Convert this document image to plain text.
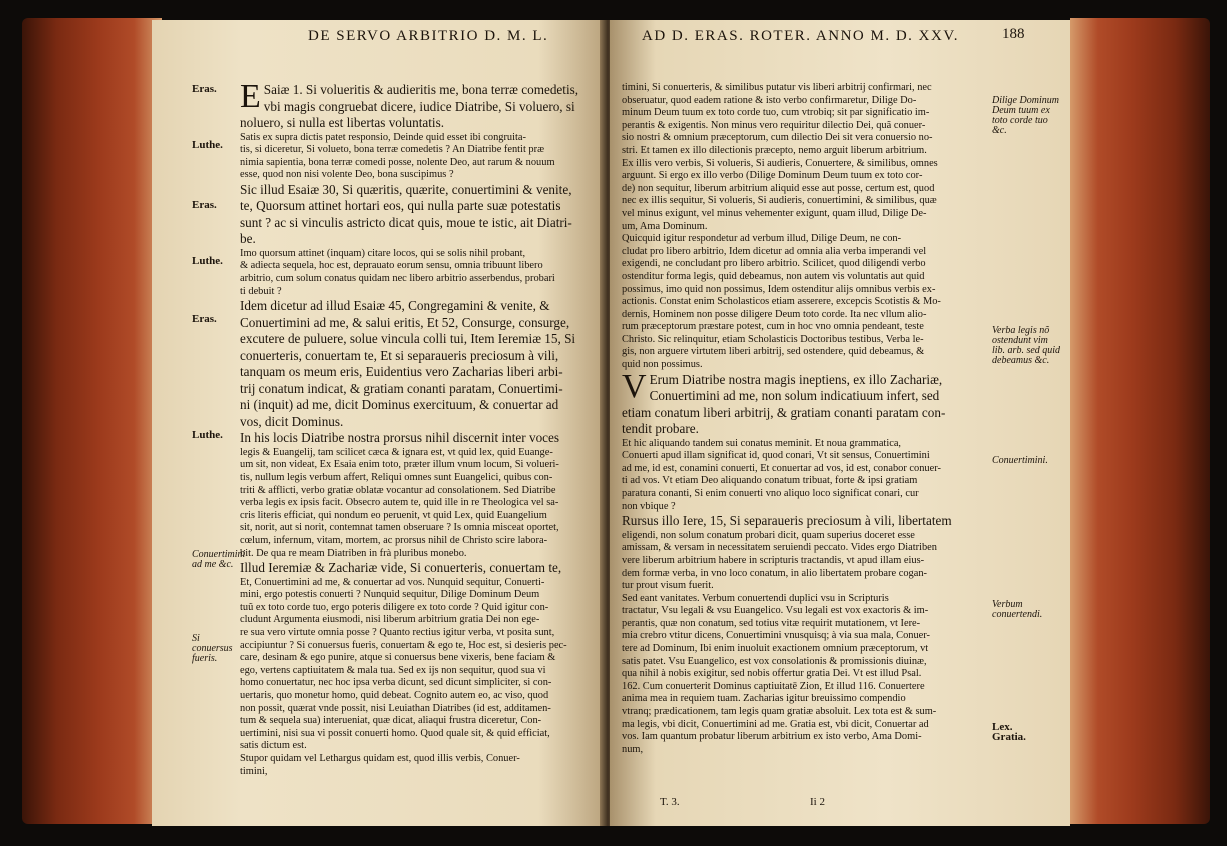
DE SERVO ARBITRIO D. M. L.
Eras.
Luthe.
Eras.
Luthe.
Eras.
Luthe.
Conuertimini ad me &c.
Si conuersus fueris.
E Saiæ 1. Si volueritis & audieritis me, bona terræ comedetis,
vbi magis congruebat dicere, iudice Diatribe, Si voluero, si
noluero, si nulla est libertas voluntatis.
Satis ex supra dictis patet responsio, Deinde quid esset ibi congruita-
tis, si diceretur, Si volueto, bona terræ comedetis ? An Diatribe fentit præ
nimia sapientia, bona terræ comedi posse, nolente Deo, aut rarum & nouum
esse, quod non nisi volente Deo, bona suscipimus ?
Sic illud Esaiæ 30, Si quæritis, quærite, conuertimini & venite,
te, Quorsum attinet hortari eos, qui nulla parte suæ potestatis
sunt ? ac si vinculis astricto dicat quis, moue te istic, ait Diatri-
be.
Imo quorsum attinet (inquam) citare locos, qui se solis nihil probant,
& adiecta sequela, hoc est, deprauato eorum sensu, omnia tribuunt libero
arbitrio, cum solum conatus quidam nec libero arbitrio asserbendus, probari
ti debuit ?
Idem dicetur ad illud Esaiæ 45, Congregamini & venite, &
Conuertimini ad me, & salui eritis, Et 52, Consurge, consurge,
excutere de puluere, solue vincula colli tui, Item Ieremiæ 15, Si
conuerteris, conuertam te, Et si separaueris preciosum à vili,
tanquam os meum eris, Euidentius vero Zacharias liberi arbi-
trij conatum indicat, & gratiam conanti paratam, Conuertimi-
ni (inquit) ad me, dicit Dominus exercituum, & conuertar ad
vos, dicit Dominus.
In his locis Diatribe nostra prorsus nihil discernit inter voces
legis & Euangelij, tam scilicet cæca & ignara est, vt quid lex, quid Euange-
um sit, non videat, Ex Esaia enim toto, præter illum vnum locum, Si volueri-
tis, nullum legis verbum affert, Reliqui omnes sunt Euangelici, quibus con-
triti & afflicti, verbo gratiæ oblatæ vocantur ad consolationem. Sed Diatribe
verba legis ex ipsis facit. Obsecro autem te, quid ille in re Theologica vel sa-
cris literis efficiat, qui nondum eo peruenit, vt quid Lex, quid Euangelium
sit, norit, aut si norit, contemnat tamen obseruare ? Is omnia misceat oportet,
cœlum, infernum, vitam, mortem, ac prorsus nihil de Christo scire labora-
bit. De qua re meam Diatriben in frà pluribus monebo.
Illud Ieremiæ & Zachariæ vide, Si conuerteris, conuertam te,
Et, Conuertimini ad me, & conuertar ad vos. Nunquid sequitur, Conuerti-
mini, ergo potestis conuerti ? Nunquid sequitur, Dilige Dominum Deum
tuũ ex toto corde tuo, ergo poteris diligere ex toto corde ? Quid igitur con-
cludunt Argumenta eiusmodi, nisi liberum arbitrium gratia Dei non ege-
re sua vero virtute omnia posse ? Quanto rectius igitur verba, vt posita sunt,
accipiuntur ? Si conuersus fueris, conuertam & ego te, Hoc est, si desieris pec-
care, desinam & ego punire, atque si conuersus bene vixeris, bene faciam &
ego, vertens captiuitatem & mala tua. Sed ex ijs non sequitur, quod sua vi
homo conuertatur, nec hoc ipsa verba dicunt, sed dicunt simpliciter, si con-
uertaris, quo monetur homo, quid debeat. Cognito autem eo, ac viso, quod
non possit, quærat vnde possit, nisi Leuiathan Diatribes (id est, additamen-
tum & sequela sua) interueniat, quæ dicat, aliaqui frustra diceretur, Con-
uertimini, nisi sua vi possit conuerti homo. Quod quale sit, & quid efficiat,
satis dictum est.
Stupor quidam vel Lethargus quidam est, quod illis verbis, Conuer-
timini,
AD D. ERAS. ROTER. ANNO M. D. XXV.	188
timini, Si conuerteris, & similibus putatur vis liberi arbitrij confirmari, nec
obseruatur, quod eadem ratione & isto verbo confirmaretur, Dilige Do-
minum Deum tuum ex toto corde tuo, cum vtrobiq; sit par significatio im-
perantis & exigentis. Non minus vero requiritur dilectio Dei, quã conuer-
sio nostri & omnium præceptorum, cum dilectio Dei sit vera conuersio no-
stri. Et tamen ex illo dilectionis præcepto, nemo arguit liberum arbitrium.
Ex illis vero verbis, Si volueris, Si audieris, Conuertere, & similibus, omnes
arguunt. Si ergo ex illo verbo (Dilige Dominum Deum tuum ex toto cor-
de) non sequitur, liberum arbitrium aliquid esse aut posse, certum est, quod
nec ex illis sequitur, Si volueris, Si audieris, conuertimini, & similibus, quæ
vel minus exigunt, vel minus vehementer exigunt, quam illud, Dilige De-
um, Ama Dominum.
Quicquid igitur respondetur ad verbum illud, Dilige Deum, ne con-
cludat pro libero arbitrio, Idem dicetur ad omnia alia verba imperandi vel
exigendi, ne concludant pro libero arbitrio. Scilicet, quod diligendi verbo
ostenditur forma legis, quid debeamus, non autem vis voluntatis aut quid
possimus, imo quid non possimus, Idem ostenditur alijs omnibus verbis ex-
actionis. Constat enim Scholasticos etiam asserere, excepcis Scotistis & Mo-
dernis, Hominem non posse diligere Deum toto corde. Ita nec vllum alio-
rum præceptorum præstare potest, cum in hoc vno omnia pendeant, teste
Christo. Sic relinquitur, etiam Scholasticis Doctoribus testibus, Verba le-
gis, non arguere virtutem liberi arbitrij, sed ostendere, quid debeamus, &
quid non possimus.
V Erum Diatribe nostra magis ineptiens, ex illo Zachariæ,
Conuertimini ad me, non solum indicatiuum infert, sed
etiam conatum liberi arbitrij, & gratiam conanti paratam con-
tendit probare.
Et hic aliquando tandem sui conatus meminit. Et noua grammatica,
Conuerti apud illam significat id, quod conari, Vt sit sensus, Conuertimini
ad me, id est, conamini conuerti, Et conuertar ad vos, id est, conabor conuer-
ti ad vos. Vt etiam Deo aliquando conatum tribuat, forte & ipsi gratiam
paratura conanti, Si enim conuerti vno aliquo loco significat conari, cur
non vbique ?
Rursus illo Iere, 15, Si separaueris preciosum à vili, libertatem
eligendi, non solum conatum probari dicit, quam superius doceret esse
amissam, & versam in necessitatem seruiendi peccato. Vides ergo Diatriben
vere liberum arbitrium habere in scripturis tractandis, vt apud illam eius-
dem formæ verba, in vno loco conatum, in alio libertatem probare cogan-
tur prout visum fuerit.
Sed eant vanitates. Verbum conuertendi duplici vsu in Scripturis
tractatur, Vsu legali & vsu Euangelico. Vsu legali est vox exactoris & im-
perantis, quæ non conatum, sed totius vitæ requirit mutationem, vt Iere-
mia crebro vtitur dicens, Conuertimini vnusquisq; à via sua mala, Conuer-
tere ad Dominum, Ibi enim inuoluit exactionem omnium præceptorum, vt
satis patet. Vsu Euangelico, est vox consolationis & promissionis diuinæ,
qua nihil à nobis exigitur, sed nobis offertur gratia Dei. Vt est illud Psal.
162. Cum conuerterit Dominus captiuitatē Zion, Et illud 116. Conuertere
anima mea in requiem tuam. Zacharias igitur breuissimo compendio
vtranq; prædicationem, tam legis quam gratiæ absoluit. Lex tota est & sum-
ma legis, vbi dicit, Conuertimini ad me. Gratia est, vbi dicit, Conuertar ad
vos. Iam quantum probatur liberum arbitrium ex isto verbo, Ama Domi-
num,
Dilige Dominum Deum tuum ex toto corde tuo &c.
Verba legis nõ ostendunt vim lib. arb. sed quid debeamus &c.
Conuertimini.
Verbum conuertendi.
Lex.
Gratia.
T. 3.	Ii 2
